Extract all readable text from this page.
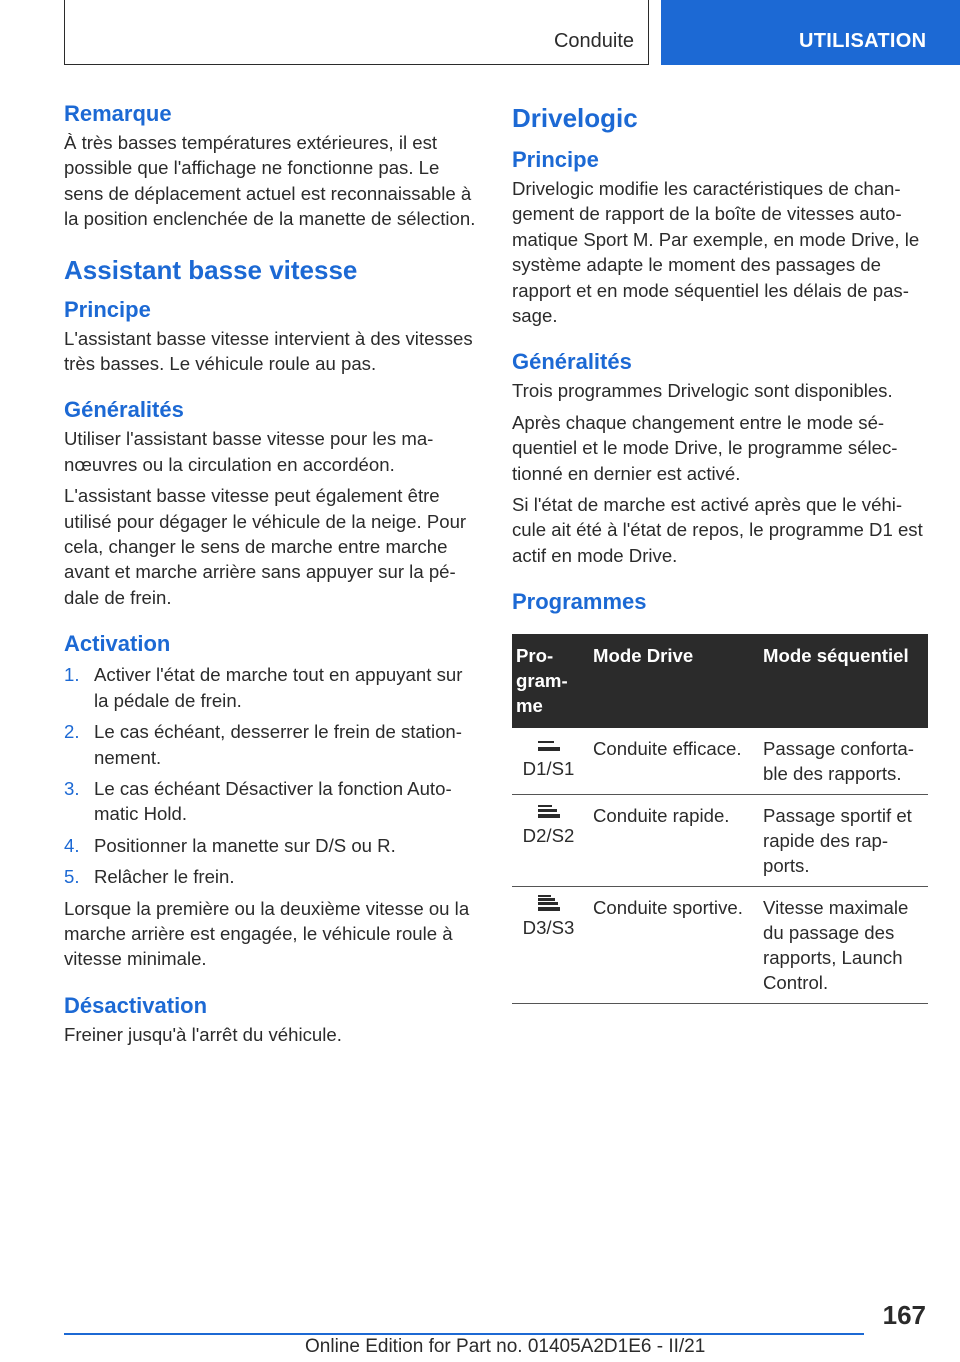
Conduite	UTILISATION
Remarque

À très basses températures extérieures, il est possible que l'affichage ne fonctionne pas. Le sens de déplacement actuel est reconnaissable à la position enclenchée de la manette de sélection.

Assistant basse vitesse
Principe

L'assistant basse vitesse intervient à des vitesses très basses. Le véhicule roule au pas.

Généralités

Utiliser l'assistant basse vitesse pour les manœuvres ou la circulation en accordéon.

L'assistant basse vitesse peut également être utilisé pour dégager le véhicule de la neige. Pour cela, changer le sens de marche entre marche avant et marche arrière sans appuyer sur la pédale de frein.

Activation
1. Activer l'état de marche tout en appuyant sur la pédale de frein.
2. Le cas échéant, desserrer le frein de stationnement.
3. Le cas échéant Désactiver la fonction Automatic Hold.
4. Positionner la manette sur D/S ou R.
5. Relâcher le frein.

Lorsque la première ou la deuxième vitesse ou la marche arrière est engagée, le véhicule roule à vitesse minimale.

Désactivation

Freiner jusqu'à l'arrêt du véhicule.

Drivelogic
Principe

Drivelogic modifie les caractéristiques de changement de rapport de la boîte de vitesses automatique Sport M. Par exemple, en mode Drive, le système adapte le moment des passages de rapport et en mode séquentiel les délais de passage.

Généralités

Trois programmes Drivelogic sont disponibles.

Après chaque changement entre le mode séquentiel et le mode Drive, le programme sélectionné en dernier est activé.

Si l'état de marche est activé après que le véhicule ait été à l'état de repos, le programme D1 est actif en mode Drive.

Programmes
Programme	Mode Drive	Mode séquentiel

D1/S1	Conduite efficace.	Passage confortable des rapports.

D2/S2	Conduite rapide.	Passage sportif et rapide des rapports.

D3/S3	Conduite sportive.	Vitesse maximale du passage des rapports, Launch Control.
167
Online Edition for Part no. 01405A2D1E6 - II/21
